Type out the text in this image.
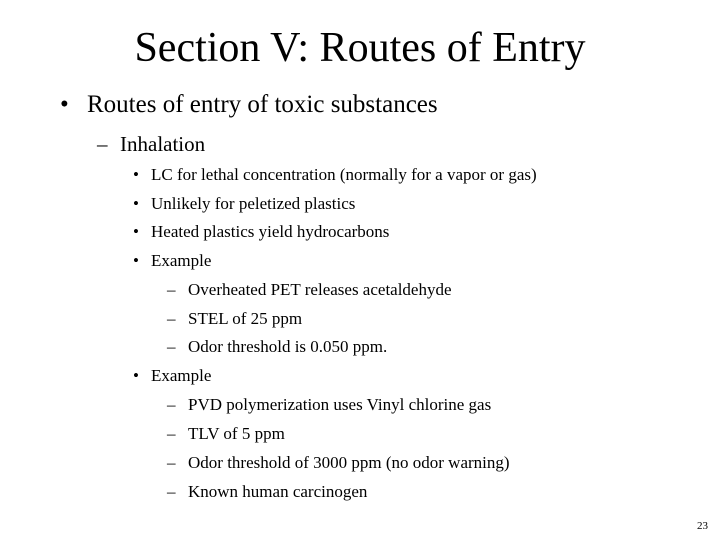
Section V: Routes of Entry
• Routes of entry of toxic substances
– Inhalation
• LC for lethal concentration (normally for a vapor or gas)
• Unlikely for peletized plastics
• Heated plastics yield hydrocarbons
• Example
– Overheated PET releases acetaldehyde
– STEL of 25 ppm
– Odor threshold is 0.050 ppm.
• Example
– PVD polymerization uses Vinyl chlorine gas
– TLV of 5 ppm
– Odor threshold of 3000 ppm (no odor warning)
– Known human carcinogen
23
